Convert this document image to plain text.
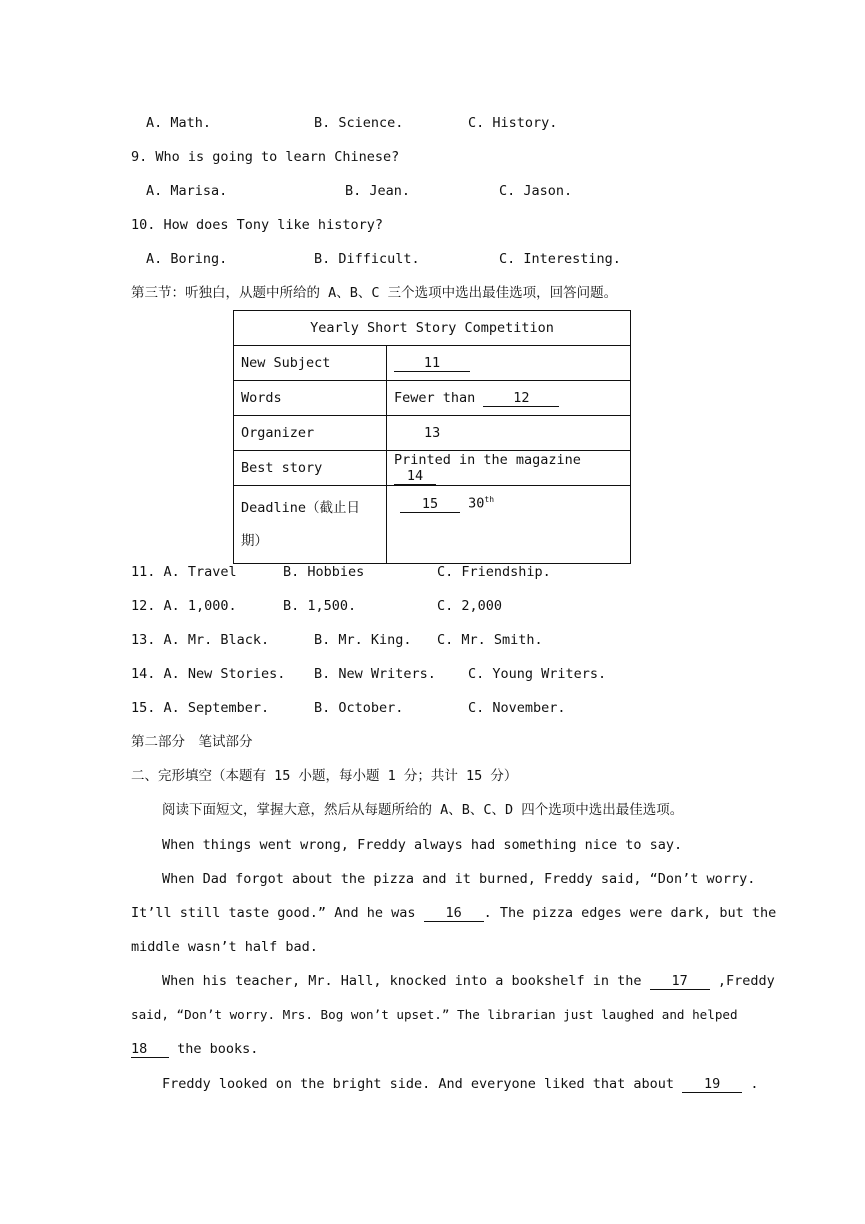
A. Math.	B. Science.	C. History.
9. Who is going to learn Chinese?
A. Marisa.	B. Jean.	C. Jason.
10. How does Tony like history?
A. Boring.	B. Difficult.	C. Interesting.
第三节：听独白，从题中所给的 A、B、C 三个选项中选出最佳选项，回答问题。
Yearly Short Story Competition	
New Subject	11
Words	Fewer than 12
Organizer	13
Best story	Printed in the magazine 14
Deadline（截止日期）	15 30th
11. A. Travel	B. Hobbies	C. Friendship.
12. A. 1,000.	B. 1,500.	C. 2,000
13. A. Mr. Black.	B. Mr. King. C. Mr. Smith.
14. A. New Stories. B. New Writers. C. Young Writers.
15. A. September.	B. October.	C. November.
第二部分　笔试部分
二、完形填空（本题有 15 小题，每小题 1 分；共计 15 分）
阅读下面短文，掌握大意，然后从每题所给的 A、B、C、D 四个选项中选出最佳选项。
When things went wrong, Freddy always had something nice to say.
When Dad forgot about the pizza and it burned, Freddy said, “Don’t worry.
It’ll still taste good.” And he was 16 . The pizza edges were dark, but the
middle wasn’t half bad.
When his teacher, Mr. Hall, knocked into a bookshelf in the 17 ,Freddy
said, “Don’t worry. Mrs. Bog won’t upset.” The librarian just laughed and helped
18 the books.
Freddy looked on the bright side. And everyone liked that about 19 .
